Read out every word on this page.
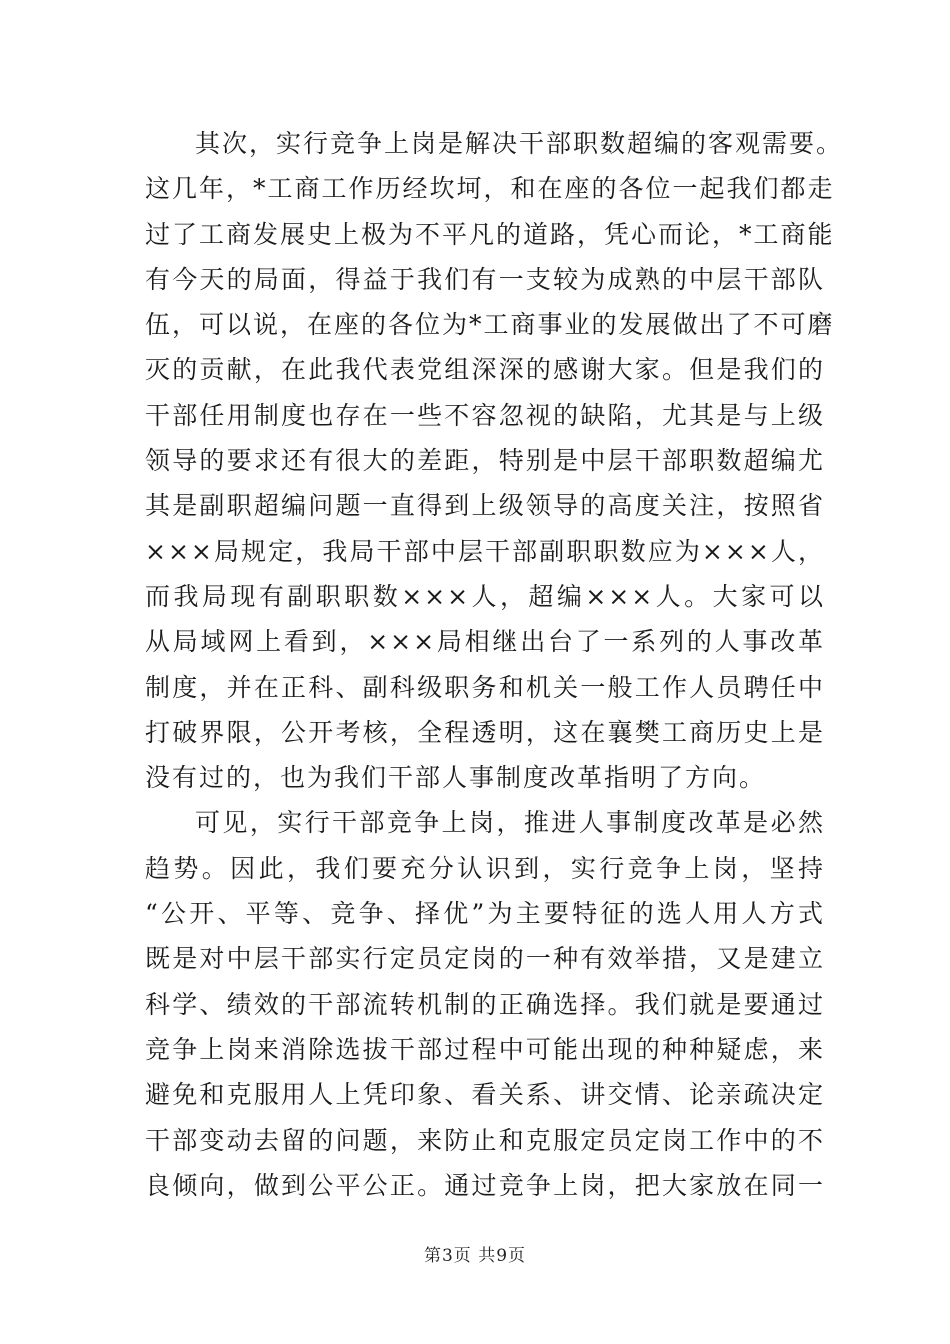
其次，实行竞争上岗是解决干部职数超编的客观需要。
这几年，*工商工作历经坎坷，和在座的各位一起我们都走
过了工商发展史上极为不平凡的道路，凭心而论，*工商能
有今天的局面，得益于我们有一支较为成熟的中层干部队
伍，可以说，在座的各位为*工商事业的发展做出了不可磨
灭的贡献，在此我代表党组深深的感谢大家。但是我们的
干部任用制度也存在一些不容忽视的缺陷，尤其是与上级
领导的要求还有很大的差距，特别是中层干部职数超编尤
其是副职超编问题一直得到上级领导的高度关注，按照省
×××局规定，我局干部中层干部副职职数应为×××人，
而我局现有副职职数×××人，超编×××人。大家可以
从局域网上看到，×××局相继出台了一系列的人事改革
制度，并在正科、副科级职务和机关一般工作人员聘任中
打破界限，公开考核，全程透明，这在襄樊工商历史上是
没有过的，也为我们干部人事制度改革指明了方向。
可见，实行干部竞争上岗，推进人事制度改革是必然
趋势。因此，我们要充分认识到，实行竞争上岗，坚持
“公开、平等、竞争、择优”为主要特征的选人用人方式
既是对中层干部实行定员定岗的一种有效举措，又是建立
科学、绩效的干部流转机制的正确选择。我们就是要通过
竞争上岗来消除选拔干部过程中可能出现的种种疑虑，来
避免和克服用人上凭印象、看关系、讲交情、论亲疏决定
干部变动去留的问题，来防止和克服定员定岗工作中的不
良倾向，做到公平公正。通过竞争上岗，把大家放在同一
第3页 共9页
